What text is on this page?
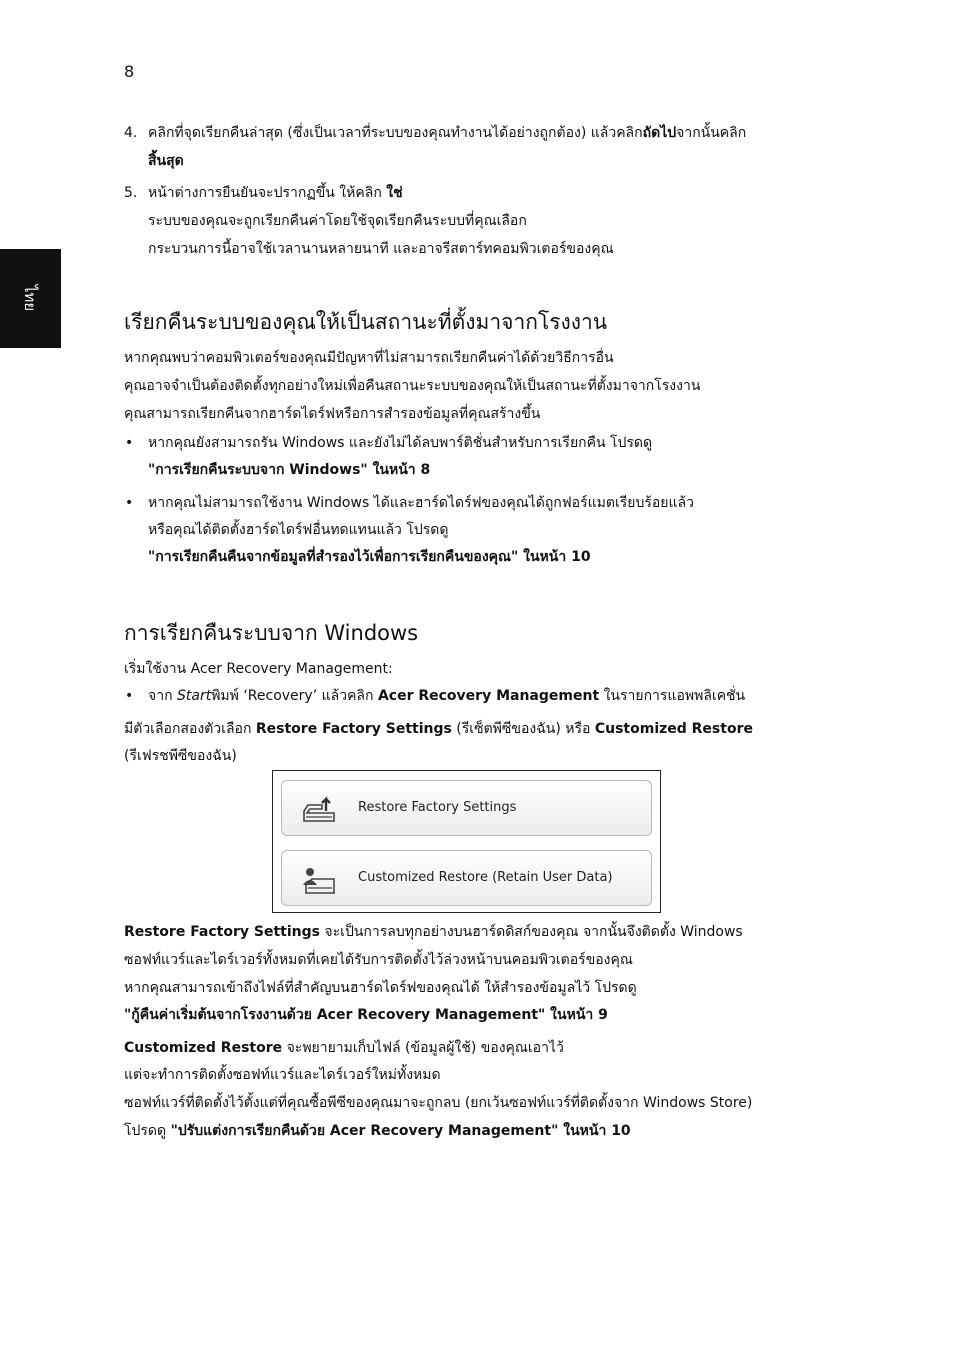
8
ไทย
4. คลิกที่จุดเรียกคืนล่าสุด (ซึ่งเป็นเวลาที่ระบบของคุณทำงานได้อย่างถูกต้อง) แล้วคลิกถัดไปจากนั้นคลิก
สิ้นสุด
5. หน้าต่างการยืนยันจะปรากฏขึ้น ให้คลิก ใช่
ระบบของคุณจะถูกเรียกคืนค่าโดยใช้จุดเรียกคืนระบบที่คุณเลือก
กระบวนการนี้อาจใช้เวลานานหลายนาที และอาจรีสตาร์ทคอมพิวเตอร์ของคุณ
เรียกคืนระบบของคุณให้เป็นสถานะที่ตั้งมาจากโรงงาน
หากคุณพบว่าคอมพิวเตอร์ของคุณมีปัญหาที่ไม่สามารถเรียกคืนค่าได้ด้วยวิธีการอื่น
คุณอาจจำเป็นต้องติดตั้งทุกอย่างใหม่เพื่อคืนสถานะระบบของคุณให้เป็นสถานะที่ตั้งมาจากโรงงาน
คุณสามารถเรียกคืนจากฮาร์ดไดร์ฟหรือการสำรองข้อมูลที่คุณสร้างขึ้น
• หากคุณยังสามารถรัน Windows และยังไม่ได้ลบพาร์ติชั่นสำหรับการเรียกคืน โปรดดู
"การเรียกคืนระบบจาก Windows" ในหน้า 8
• หากคุณไม่สามารถใช้งาน Windows ได้และฮาร์ดไดร์ฟของคุณได้ถูกฟอร์แมตเรียบร้อยแล้ว
หรือคุณได้ติดตั้งฮาร์ดไดร์ฟอื่นทดแทนแล้ว โปรดดู
"การเรียกคืนคืนจากข้อมูลที่สำรองไว้เพื่อการเรียกคืนของคุณ" ในหน้า 10
การเรียกคืนระบบจาก Windows
เริ่มใช้งาน Acer Recovery Management:
• จาก Startพิมพ์ ‘Recovery’ แล้วคลิก Acer Recovery Management ในรายการแอพพลิเคชั่น
มีตัวเลือกสองตัวเลือก Restore Factory Settings (รีเซ็ตพีซีของฉัน) หรือ Customized Restore
(รีเฟรชพีซีของฉัน)
Restore Factory Settings
Customized Restore (Retain User Data)
Restore Factory Settings จะเป็นการลบทุกอย่างบนฮาร์ดดิสก์ของคุณ จากนั้นจึงติดตั้ง Windows
ซอฟท์แวร์และไดร์เวอร์ทั้งหมดที่เคยได้รับการติดตั้งไว้ล่วงหน้าบนคอมพิวเตอร์ของคุณ
หากคุณสามารถเข้าถึงไฟล์ที่สำคัญบนฮาร์ดไดร์ฟของคุณได้ ให้สำรองข้อมูลไว้ โปรดดู
"กู้คืนค่าเริ่มต้นจากโรงงานด้วย Acer Recovery Management" ในหน้า 9
Customized Restore จะพยายามเก็บไฟล์ (ข้อมูลผู้ใช้) ของคุณเอาไว้
แต่จะทำการติดตั้งซอฟท์แวร์และไดร์เวอร์ใหม่ทั้งหมด
ซอฟท์แวร์ที่ติดตั้งไว้ตั้งแต่ที่คุณซื้อพีซีของคุณมาจะถูกลบ (ยกเว้นซอฟท์แวร์ที่ติดตั้งจาก Windows Store)
โปรดดู "ปรับแต่งการเรียกคืนด้วย Acer Recovery Management" ในหน้า 10
